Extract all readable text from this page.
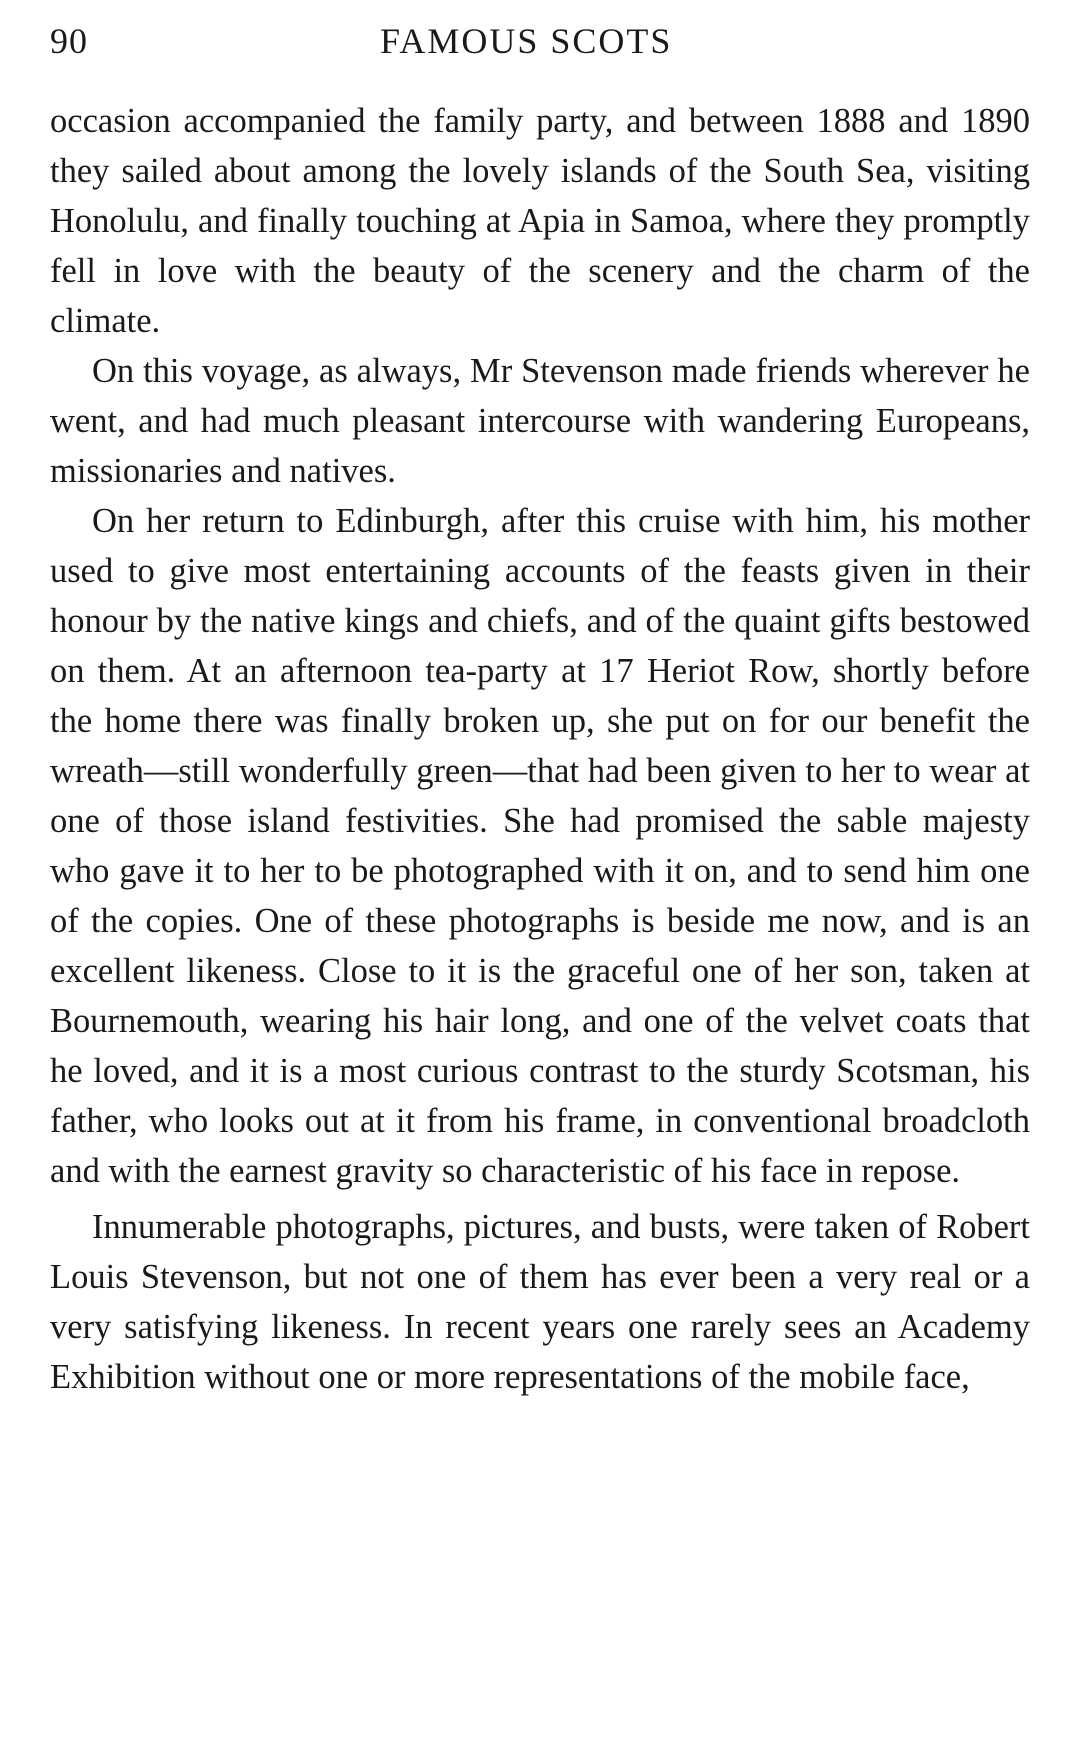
90	FAMOUS SCOTS

occasion accompanied the family party, and between 1888 and 1890 they sailed about among the lovely islands of the South Sea, visiting Honolulu, and finally touching at Apia in Samoa, where they promptly fell in love with the beauty of the scenery and the charm of the climate.

On this voyage, as always, Mr Stevenson made friends wherever he went, and had much pleasant intercourse with wandering Europeans, missionaries and natives.

On her return to Edinburgh, after this cruise with him, his mother used to give most entertaining accounts of the feasts given in their honour by the native kings and chiefs, and of the quaint gifts bestowed on them. At an afternoon tea-party at 17 Heriot Row, shortly before the home there was finally broken up, she put on for our benefit the wreath—still wonderfully green—that had been given to her to wear at one of those island festivities. She had promised the sable majesty who gave it to her to be photographed with it on, and to send him one of the copies. One of these photographs is beside me now, and is an excellent likeness. Close to it is the graceful one of her son, taken at Bournemouth, wearing his hair long, and one of the velvet coats that he loved, and it is a most curious contrast to the sturdy Scotsman, his father, who looks out at it from his frame, in conventional broadcloth and with the earnest gravity so characteristic of his face in repose.

Innumerable photographs, pictures, and busts, were taken of Robert Louis Stevenson, but not one of them has ever been a very real or a very satisfying likeness. In recent years one rarely sees an Academy Exhibition without one or more representations of the mobile face,
